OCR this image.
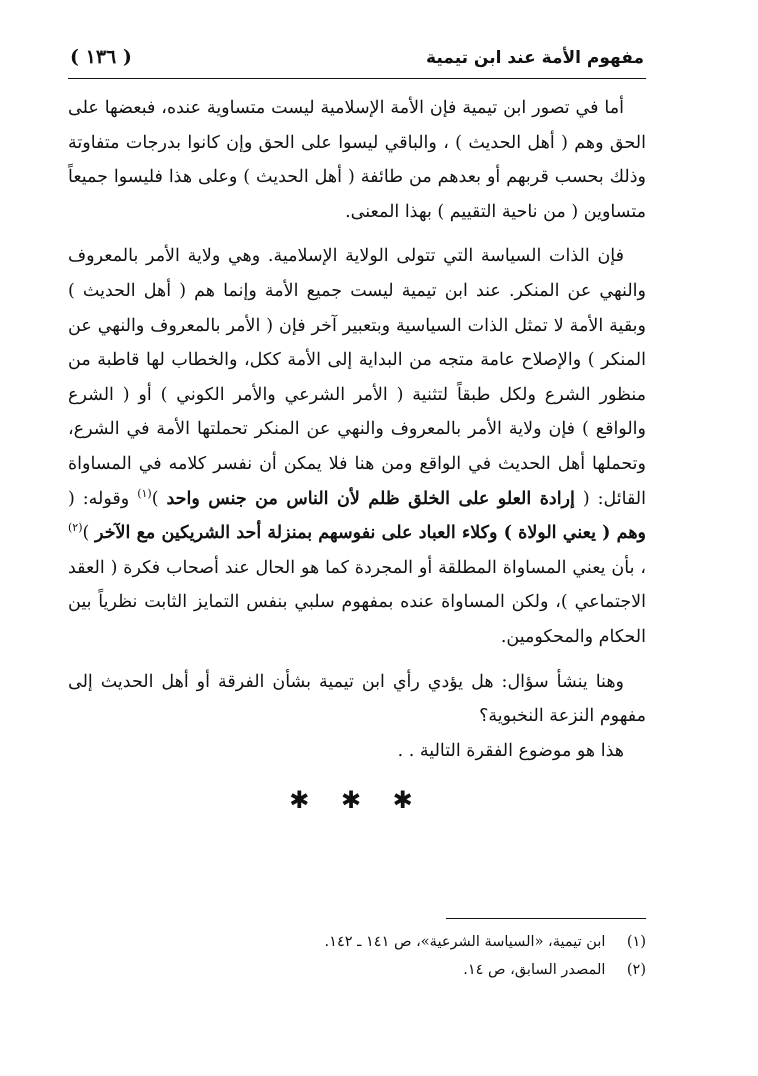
مفهوم الأمة عند ابن تيمية
( ١٣٦ )

أما في تصور ابن تيمية فإن الأمة الإسلامية ليست متساوية عنده، فبعضها على الحق وهم ( أهل الحديث ) ، والباقي ليسوا على الحق وإن كانوا بدرجات متفاوتة وذلك بحسب قربهم أو بعدهم من طائفة ( أهل الحديث ) وعلى هذا فليسوا جميعاً متساوين ( من ناحية التقييم ) بهذا المعنى.

فإن الذات السياسة التي تتولى الولاية الإسلامية. وهي ولاية الأمر بالمعروف والنهي عن المنكر. عند ابن تيمية ليست جميع الأمة وإنما هم ( أهل الحديث ) وبقية الأمة لا تمثل الذات السياسية وبتعبير آخر فإن ( الأمر بالمعروف والنهي عن المنكر ) والإصلاح عامة متجه من البداية إلى الأمة ككل، والخطاب لها قاطبة من منظور الشرع ولكل طبقاً لتثنية ( الأمر الشرعي والأمر الكوني ) أو ( الشرع والواقع ) فإن ولاية الأمر بالمعروف والنهي عن المنكر تحملتها الأمة في الشرع، وتحملها أهل الحديث في الواقع ومن هنا فلا يمكن أن نفسر كلامه في المساواة القائل: ( إرادة العلو على الخلق ظلم لأن الناس من جنس واحد )$^{(١)}$ وقوله: ( وهم ( يعني الولاة ) وكلاء العباد على نفوسهم بمنزلة أحد الشريكين مع الآخر )$^{(٢)}$ ، بأن يعني المساواة المطلقة أو المجردة كما هو الحال عند أصحاب فكرة ( العقد الاجتماعي )، ولكن المساواة عنده بمفهوم سلبي بنفس التمايز الثابت نظرياً بين الحكام والمحكومين.

وهنا ينشأ سؤال: هل يؤدي رأي ابن تيمية بشأن الفرقة أو أهل الحديث إلى مفهوم النزعة النخبوية؟

هذا هو موضوع الفقرة التالية . .

✱ ✱ ✱
(١) ابن تيمية، «السياسة الشرعية»، ص ١٤١ ـ ١٤٢.
(٢) المصدر السابق، ص ١٤.
